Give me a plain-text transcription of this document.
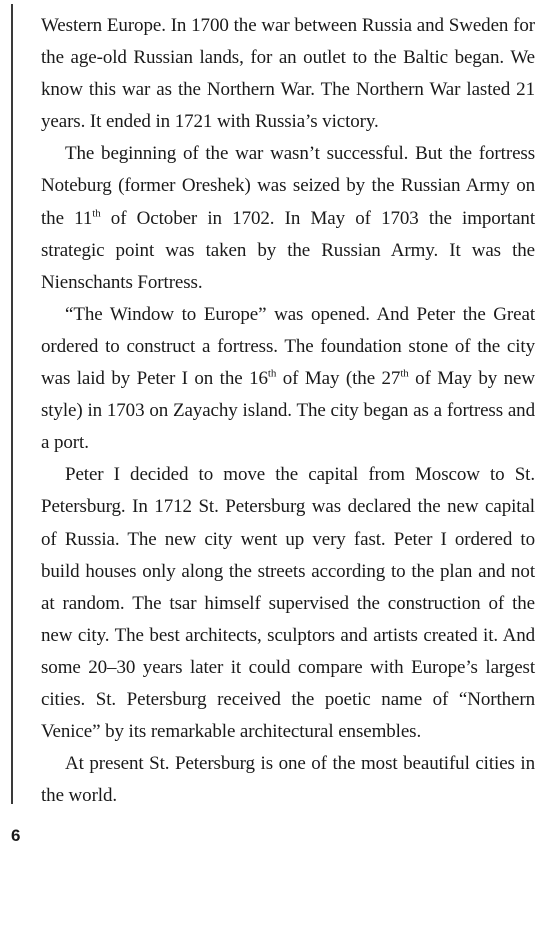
Western Europe. In 1700 the war between Russia and Sweden for the age-old Russian lands, for an outlet to the Baltic began. We know this war as the Northern War. The Northern War lasted 21 years. It ended in 1721 with Russia’s victory.

The beginning of the war wasn’t successful. But the fortress Noteburg (former Oreshek) was seized by the Russian Army on the 11th of October in 1702. In May of 1703 the important strategic point was taken by the Russian Army. It was the Nienschants Fortress.

“The Window to Europe” was opened. And Peter the Great ordered to construct a fortress. The foundation stone of the city was laid by Peter I on the 16th of May (the 27th of May by new style) in 1703 on Zayachy island. The city began as a fortress and a port.

Peter I decided to move the capital from Moscow to St. Petersburg. In 1712 St. Petersburg was declared the new capital of Russia. The new city went up very fast. Peter I ordered to build houses only along the streets according to the plan and not at random. The tsar himself supervised the construction of the new city. The best architects, sculptors and artists created it. And some 20–30 years later it could compare with Europe’s largest cities. St. Petersburg received the poetic name of “Northern Venice” by its remarkable architectural ensembles.

At present St. Petersburg is one of the most beautiful cities in the world.

6
